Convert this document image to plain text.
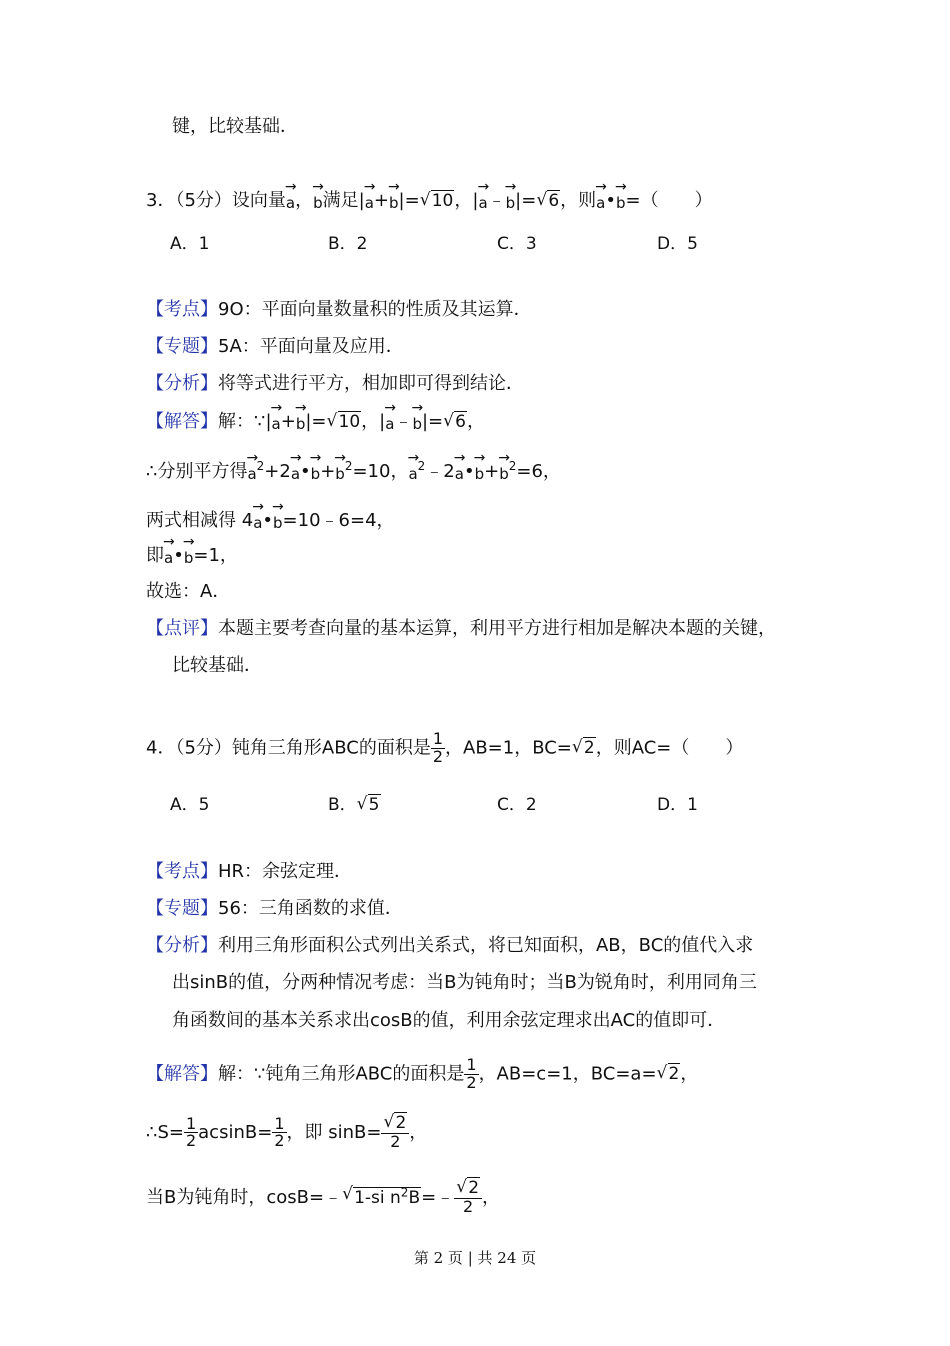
键，比较基础．
3．（5分）设向量→ a，→ b满足|→ a+→ b|= √ 10，|→ a﹣→ b|= √ 6，则→ a•→ b=（　　）
A．1	B．2	C．3	D．5
【考点】9O：平面向量数量积的性质及其运算．
【专题】5A：平面向量及应用．
【分析】将等式进行平方，相加即可得到结论．
【解答】解：∵|→ a+→ b|= √ 10，|→ a﹣→ b|= √ 6，
∴分别平方得→ $a^2+2\to$ a•→ $b+\to b^2=10$，→ $a^2﹣2\to$ a•→ $b+\to b^2=6$，
两式相减得 4→ a•→ b=10﹣6=4，
即→ a•→ b=1，
故选：A．
【点评】本题主要考查向量的基本运算，利用平方进行相加是解决本题的关键，
比较基础．
4．（5分）钝角三角形ABC的面积是 $\frac{1}{2}$ ，AB=1，BC= √ 2，则AC=（　　）
A．5	B． √ 5	C．2	D．1
【考点】HR：余弦定理．
【专题】56：三角函数的求值．
【分析】利用三角形面积公式列出关系式，将已知面积，AB，BC的值代入求
出sinB的值，分两种情况考虑：当B为钝角时；当B为锐角时，利用同角三
角函数间的基本关系求出cosB的值，利用余弦定理求出AC的值即可．
【解答】解：∵钝角三角形ABC的面积是 $\frac{1}{2}$ ，AB=c=1，BC=a= √ 2，
∴S= $\frac{1}{2} acsinB= \frac{1}{2}$ ，即 sinB= √ $\frac{2}{2}$ ，
当B为钝角时，cosB=﹣ √ 1-si $n^2B=﹣$ √ $\frac{2}{2}$ ，
第 2 页 | 共 24 页
